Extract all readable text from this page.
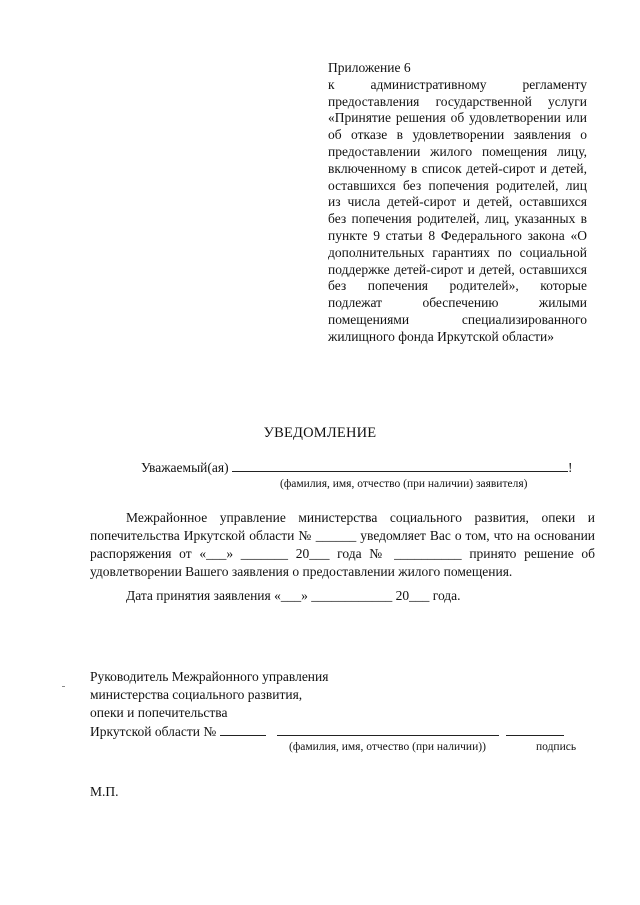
Приложение 6
к административному регламенту предоставления государственной услуги «Принятие решения об удовлетворении или об отказе в удовлетворении заявления о предоставлении жилого помещения лицу, включенному в список детей-сирот и детей, оставшихся без попечения родителей, лиц из числа детей-сирот и детей, оставшихся без попечения родителей, лиц, указанных в пункте 9 статьи 8 Федерального закона «О дополнительных гарантиях по социальной поддержке детей-сирот и детей, оставшихся без попечения родителей», которые подлежат обеспечению жилыми помещениями специализированного жилищного фонда Иркутской области»
УВЕДОМЛЕНИЕ
Уважаемый(ая)	!
(фамилия, имя, отчество (при наличии) заявителя)
Межрайонное управление министерства социального развития, опеки и попечительства Иркутской области № ______ уведомляет Вас о том, что на основании распоряжения от «___» _______ 20___ года № __________ принято решение об удовлетворении Вашего заявления о предоставлении жилого помещения.
Дата принятия заявления «___» ____________ 20___ года.
Руководитель Межрайонного управления
министерства социального развития,
опеки и попечительства
Иркутской области №
(фамилия, имя, отчество (при наличии))	подпись
М.П.
